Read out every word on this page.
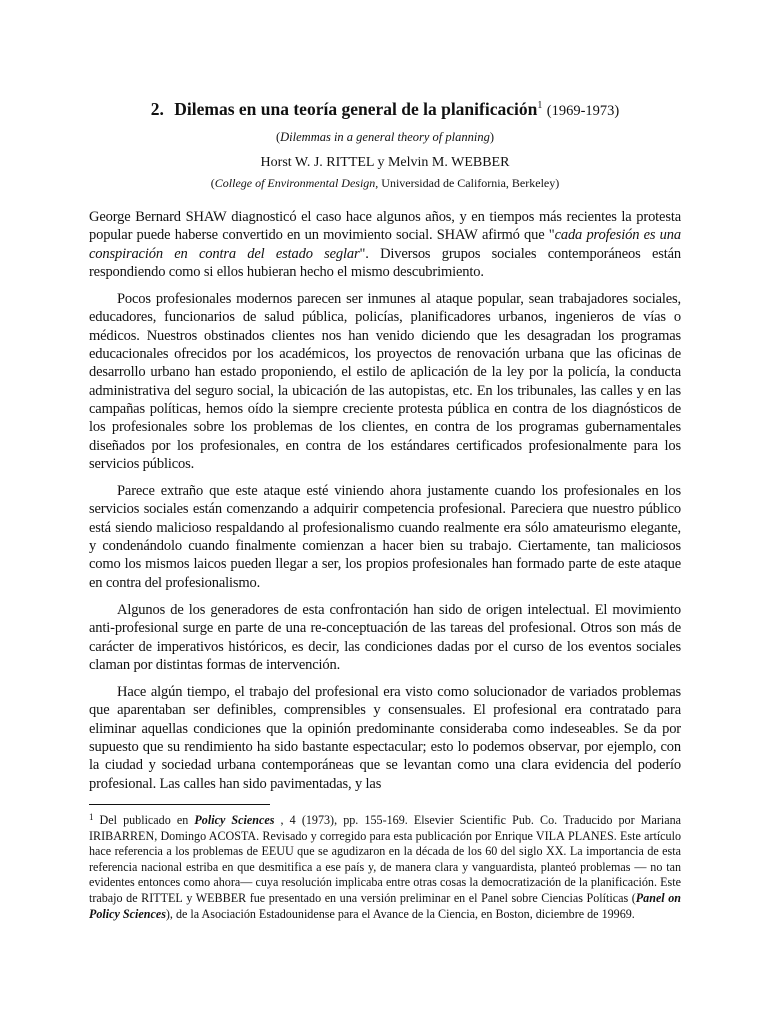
2. Dilemas en una teoría general de la planificación$^1$ (1969-1973)
(Dilemmas in a general theory of planning)
Horst W. J. RITTEL y Melvin M. WEBBER
(College of Environmental Design, Universidad de California, Berkeley)

George Bernard SHAW diagnosticó el caso hace algunos años, y en tiempos más recientes la protesta popular puede haberse convertido en un movimiento social. SHAW afirmó que "cada profesión es una conspiración en contra del estado seglar". Diversos grupos sociales contemporáneos están respondiendo como si ellos hubieran hecho el mismo descubrimiento.

Pocos profesionales modernos parecen ser inmunes al ataque popular, sean trabajadores sociales, educadores, funcionarios de salud pública, policías, planificadores urbanos, ingenieros de vías o médicos. Nuestros obstinados clientes nos han venido diciendo que les desagradan los programas educacionales ofrecidos por los académicos, los proyectos de renovación urbana que las oficinas de desarrollo urbano han estado proponiendo, el estilo de aplicación de la ley por la policía, la conducta administrativa del seguro social, la ubicación de las autopistas, etc. En los tribunales, las calles y en las campañas políticas, hemos oído la siempre creciente protesta pública en contra de los diagnósticos de los profesionales sobre los problemas de los clientes, en contra de los programas gubernamentales diseñados por los profesionales, en contra de los estándares certificados profesionalmente para los servicios públicos.

Parece extraño que este ataque esté viniendo ahora justamente cuando los profesionales en los servicios sociales están comenzando a adquirir competencia profesional. Pareciera que nuestro público está siendo malicioso respaldando al profesionalismo cuando realmente era sólo amateurismo elegante, y condenándolo cuando finalmente comienzan a hacer bien su trabajo. Ciertamente, tan maliciosos como los mismos laicos pueden llegar a ser, los propios profesionales han formado parte de este ataque en contra del profesionalismo.

Algunos de los generadores de esta confrontación han sido de origen intelectual. El movimiento anti-profesional surge en parte de una re-conceptuación de las tareas del profesional. Otros son más de carácter de imperativos históricos, es decir, las condiciones dadas por el curso de los eventos sociales claman por distintas formas de intervención.

Hace algún tiempo, el trabajo del profesional era visto como solucionador de variados problemas que aparentaban ser definibles, comprensibles y consensuales. El profesional era contratado para eliminar aquellas condiciones que la opinión predominante consideraba como indeseables. Se da por supuesto que su rendimiento ha sido bastante espectacular; esto lo podemos observar, por ejemplo, con la ciudad y sociedad urbana contemporáneas que se levantan como una clara evidencia del poderío profesional. Las calles han sido pavimentadas, y las

$^1$ Del publicado en Policy Sciences , 4 (1973), pp. 155-169. Elsevier Scientific Pub. Co. Traducido por Mariana IRIBARREN, Domingo ACOSTA. Revisado y corregido para esta publicación por Enrique VILA PLANES. Este artículo hace referencia a los problemas de EEUU que se agudizaron en la década de los 60 del siglo XX. La importancia de esta referencia nacional estriba en que desmitifica a ese país y, de manera clara y vanguardista, planteó problemas — no tan evidentes entonces como ahora— cuya resolución implicaba entre otras cosas la democratización de la planificación. Este trabajo de RITTEL y WEBBER fue presentado en una versión preliminar en el Panel sobre Ciencias Políticas (Panel on Policy Sciences), de la Asociación Estadounidense para el Avance de la Ciencia, en Boston, diciembre de 19969.
